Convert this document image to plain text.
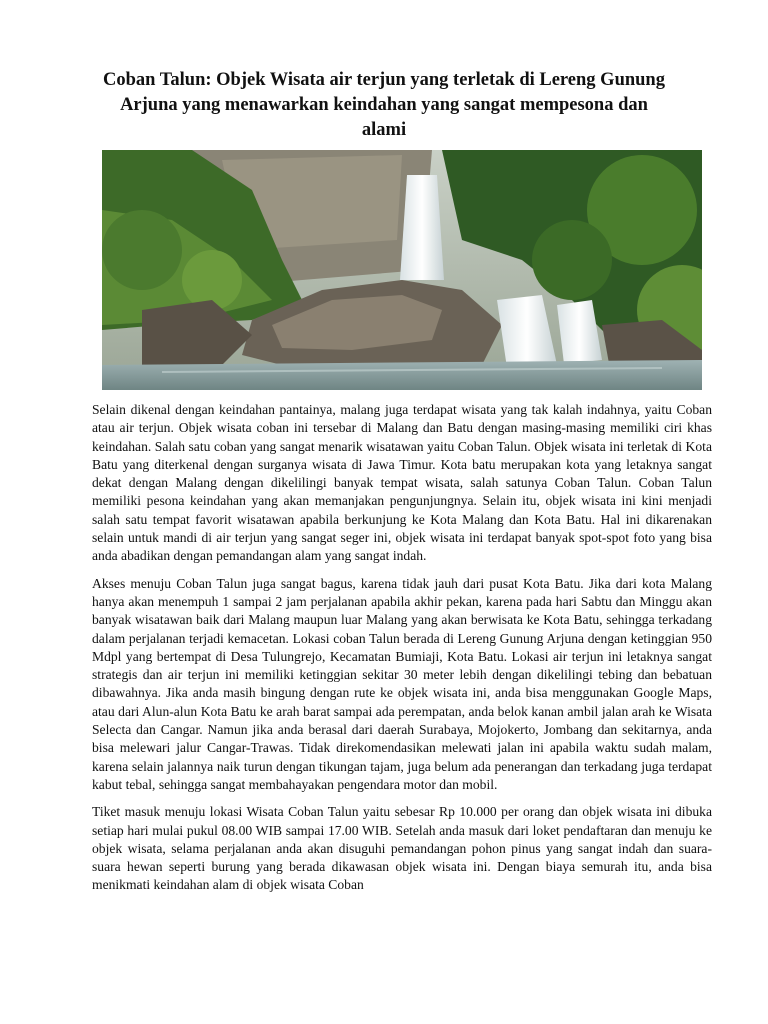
Coban Talun: Objek Wisata air terjun yang terletak di Lereng Gunung Arjuna yang menawarkan keindahan yang sangat mempesona dan alami

Selain dikenal dengan keindahan pantainya, malang juga terdapat wisata yang tak kalah indahnya, yaitu Coban atau air terjun. Objek wisata coban ini tersebar di Malang dan Batu dengan masing-masing memiliki ciri khas keindahan. Salah satu coban yang sangat menarik wisatawan yaitu Coban Talun. Objek wisata ini terletak di Kota Batu yang diterkenal dengan surganya wisata di Jawa Timur. Kota batu merupakan kota yang letaknya sangat dekat dengan Malang dengan dikelilingi banyak tempat wisata, salah satunya Coban Talun. Coban Talun memiliki pesona keindahan yang akan memanjakan pengunjungnya. Selain itu, objek wisata ini kini menjadi salah satu tempat favorit wisatawan apabila berkunjung ke Kota Malang dan Kota Batu. Hal ini dikarenakan selain untuk mandi di air terjun yang sangat seger ini, objek wisata ini terdapat banyak spot-spot foto yang bisa anda abadikan dengan pemandangan alam yang sangat indah.

Akses menuju Coban Talun juga sangat bagus, karena tidak jauh dari pusat Kota Batu. Jika dari kota Malang hanya akan menempuh 1 sampai 2 jam perjalanan apabila akhir pekan, karena pada hari Sabtu dan Minggu akan banyak wisatawan baik dari Malang maupun luar Malang yang akan berwisata ke Kota Batu, sehingga terkadang dalam perjalanan terjadi kemacetan. Lokasi coban Talun berada di Lereng Gunung Arjuna dengan ketinggian 950 Mdpl yang bertempat di Desa Tulungrejo, Kecamatan Bumiaji, Kota Batu. Lokasi air terjun ini letaknya sangat strategis dan air terjun ini memiliki ketinggian sekitar 30 meter lebih dengan dikelilingi tebing dan bebatuan dibawahnya. Jika anda masih bingung dengan rute ke objek wisata ini, anda bisa menggunakan Google Maps, atau dari Alun-alun Kota Batu ke arah barat sampai ada perempatan, anda belok kanan ambil jalan arah ke Wisata Selecta dan Cangar. Namun jika anda berasal dari daerah Surabaya, Mojokerto, Jombang dan sekitarnya, anda bisa melewari jalur Cangar-Trawas. Tidak direkomendasikan melewati jalan ini apabila waktu sudah malam, karena selain jalannya naik turun dengan tikungan tajam, juga belum ada penerangan dan terkadang juga terdapat kabut tebal, sehingga sangat membahayakan pengendara motor dan mobil.

Tiket masuk menuju lokasi Wisata Coban Talun yaitu sebesar Rp 10.000 per orang dan objek wisata ini dibuka setiap hari mulai pukul 08.00 WIB sampai 17.00 WIB. Setelah anda masuk dari loket pendaftaran dan menuju ke objek wisata, selama perjalanan anda akan disuguhi pemandangan pohon pinus yang sangat indah dan suara-suara hewan seperti burung yang berada dikawasan objek wisata ini. Dengan biaya semurah itu, anda bisa menikmati keindahan alam di objek wisata Coban
